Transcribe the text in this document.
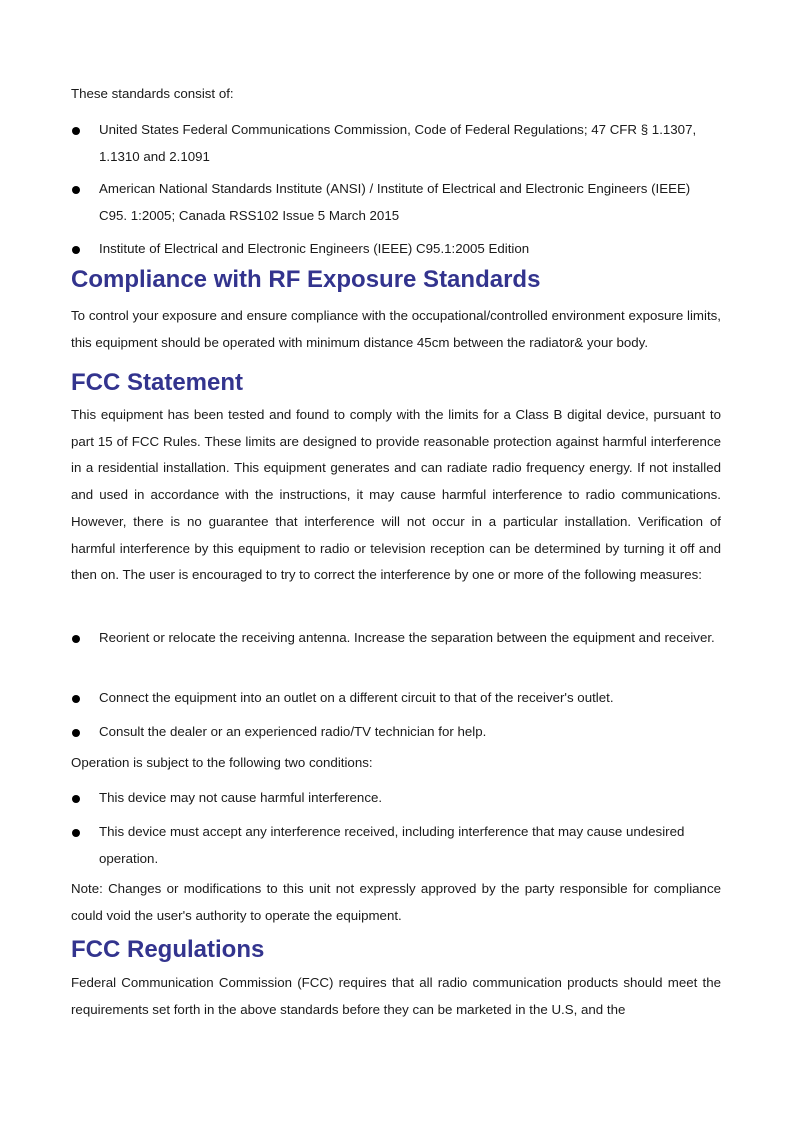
These standards consist of:

United States Federal Communications Commission, Code of Federal Regulations; 47 CFR § 1.1307, 1.1310 and 2.1091
American National Standards Institute (ANSI) / Institute of Electrical and Electronic Engineers (IEEE) C95. 1:2005; Canada RSS102 Issue 5 March 2015
Institute of Electrical and Electronic Engineers (IEEE) C95.1:2005 Edition
Compliance with RF Exposure Standards

To control your exposure and ensure compliance with the occupational/controlled environment exposure limits, this equipment should be operated with minimum distance 45cm between the radiator& your body.

FCC Statement

This equipment has been tested and found to comply with the limits for a Class B digital device, pursuant to part 15 of FCC Rules. These limits are designed to provide reasonable protection against harmful interference in a residential installation. This equipment generates and can radiate radio frequency energy. If not installed and used in accordance with the instructions, it may cause harmful interference to radio communications. However, there is no guarantee that interference will not occur in a particular installation. Verification of harmful interference by this equipment to radio or television reception can be determined by turning it off and then on. The user is encouraged to try to correct the interference by one or more of the following measures:

Reorient or relocate the receiving antenna. Increase the separation between the equipment and receiver.
Connect the equipment into an outlet on a different circuit to that of the receiver's outlet.
Consult the dealer or an experienced radio/TV technician for help.

Operation is subject to the following two conditions:

This device may not cause harmful interference.
This device must accept any interference received, including interference that may cause undesired operation.

Note: Changes or modifications to this unit not expressly approved by the party responsible for compliance could void the user's authority to operate the equipment.

FCC Regulations

Federal Communication Commission (FCC) requires that all radio communication products should meet the requirements set forth in the above standards before they can be marketed in the U.S, and the
